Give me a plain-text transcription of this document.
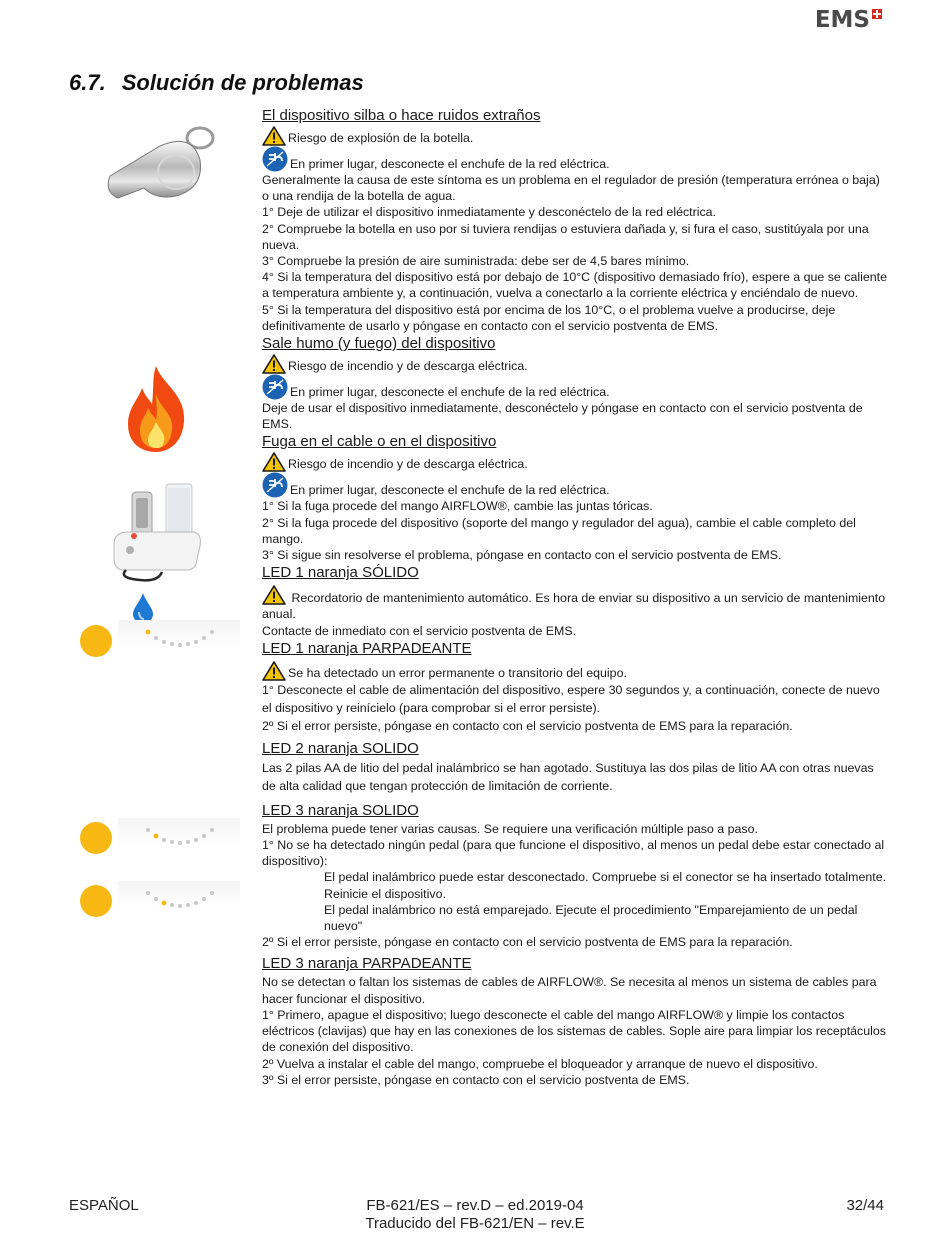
EMS
6.7. Solución de problemas
El dispositivo silba o hace ruidos extraños

Riesgo de explosión de la botella.

En primer lugar, desconecte el enchufe de la red eléctrica.

Generalmente la causa de este síntoma es un problema en el regulador de presión (temperatura errónea o baja) o una rendija de la botella de agua.

1° Deje de utilizar el dispositivo inmediatamente y desconéctelo de la red eléctrica.

2° Compruebe la botella en uso por si tuviera rendijas o estuviera dañada y, si fura el caso, sustitúyala por una nueva.

3° Compruebe la presión de aire suministrada: debe ser de 4,5 bares mínimo.

4° Si la temperatura del dispositivo está por debajo de 10°C (dispositivo demasiado frío), espere a que se caliente a temperatura ambiente y, a continuación, vuelva a conectarlo a la corriente eléctrica y enciéndalo de nuevo.

5° Si la temperatura del dispositivo está por encima de los 10°C, o el problema vuelve a producirse, deje definitivamente de usarlo y póngase en contacto con el servicio postventa de EMS.

Sale humo (y fuego) del dispositivo

Riesgo de incendio y de descarga eléctrica.

En primer lugar, desconecte el enchufe de la red eléctrica.

Deje de usar el dispositivo inmediatamente, desconéctelo y póngase en contacto con el servicio postventa de EMS.

Fuga en el cable o en el dispositivo

Riesgo de incendio y de descarga eléctrica.

En primer lugar, desconecte el enchufe de la red eléctrica.

1° Si la fuga procede del mango AIRFLOW®, cambie las juntas tóricas.

2° Si la fuga procede del dispositivo (soporte del mango y regulador del agua), cambie el cable completo del mango.

3° Si sigue sin resolverse el problema, póngase en contacto con el servicio postventa de EMS.

LED 1 naranja SÓLIDO

Recordatorio de mantenimiento automático. Es hora de enviar su dispositivo a un servicio de mantenimiento anual.

Contacte de inmediato con el servicio postventa de EMS.

LED 1 naranja PARPADEANTE

Se ha detectado un error permanente o transitorio del equipo.

1° Desconecte el cable de alimentación del dispositivo, espere 30 segundos y, a continuación, conecte de nuevo el dispositivo y reinícielo (para comprobar si el error persiste).

2º Si el error persiste, póngase en contacto con el servicio postventa de EMS para la reparación.

LED 2 naranja SOLIDO

Las 2 pilas AA de litio del pedal inalámbrico se han agotado. Sustituya las dos pilas de litio AA con otras nuevas de alta calidad que tengan protección de limitación de corriente.

LED 3 naranja SOLIDO

El problema puede tener varias causas. Se requiere una verificación múltiple paso a paso.

1° No se ha detectado ningún pedal (para que funcione el dispositivo, al menos un pedal debe estar conectado al dispositivo):

El pedal inalámbrico puede estar desconectado. Compruebe si el conector se ha insertado totalmente. Reinicie el dispositivo.

El pedal inalámbrico no está emparejado. Ejecute el procedimiento "Emparejamiento de un pedal nuevo"

2º Si el error persiste, póngase en contacto con el servicio postventa de EMS para la reparación.

LED 3 naranja PARPADEANTE

No se detectan o faltan los sistemas de cables de AIRFLOW®. Se necesita al menos un sistema de cables para hacer funcionar el dispositivo.

1° Primero, apague el dispositivo; luego desconecte el cable del mango AIRFLOW® y limpie los contactos eléctricos (clavijas) que hay en las conexiones de los sistemas de cables. Sople aire para limpiar los receptáculos de conexión del dispositivo.

2º Vuelva a instalar el cable del mango, compruebe el bloqueador y arranque de nuevo el dispositivo.

3º Si el error persiste, póngase en contacto con el servicio postventa de EMS.

ESPAÑOL	FB-621/ES – rev.D – ed.2019-04
Traducido del FB-621/EN – rev.E
32/44
